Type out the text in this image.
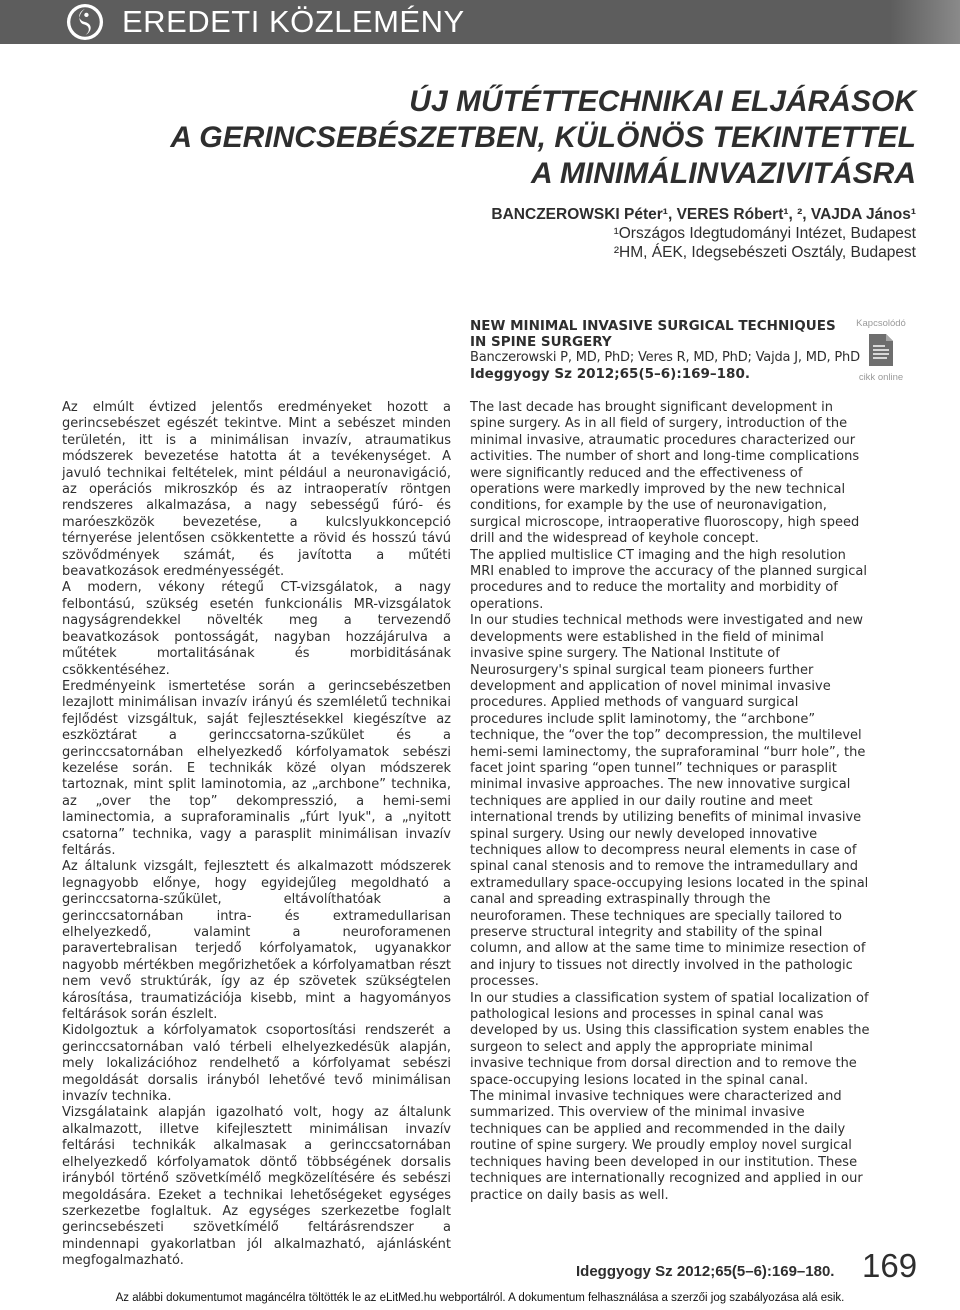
EREDETI KÖZLEMÉNY
ÚJ MŰTÉTTECHNIKAI ELJÁRÁSOK
A GERINCSEBÉSZETBEN, KÜLÖNÖS TEKINTETTEL
A MINIMÁLINVAZIVITÁSRA
BANCZEROWSKI Péter¹, VERES Róbert¹, ², VAJDA János¹
¹Országos Idegtudományi Intézet, Budapest
²HM, ÁEK, Idegsebészeti Osztály, Budapest
NEW MINIMAL INVASIVE SURGICAL TECHNIQUES IN SPINE SURGERY
Banczerowski P, MD, PhD; Veres R, MD, PhD; Vajda J, MD, PhD
Ideggyogy Sz 2012;65(5–6):169–180.
Kapcsolódó
cikk online

Az elmúlt évtized jelentős eredményeket hozott a gerincsebészet egészét tekintve. Mint a sebészet minden területén, itt is a minimálisan invazív, atraumatikus módszerek bevezetése hatotta át a tevékenységet. A javuló technikai feltételek, mint például a neuronavigáció, az operációs mikroszkóp és az intraoperatív röntgen rendszeres alkalmazása, a nagy sebességű fúró- és maróeszközök bevezetése, a kulcslyukkoncepció térnyerése jelentősen csökkentette a rövid és hosszú távú szövődmények számát, és javította a műtéti beavatkozások eredményességét.

A modern, vékony rétegű CT-vizsgálatok, a nagy felbontású, szükség esetén funkcionális MR-vizsgálatok nagyságrendekkel növelték meg a tervezendő beavatkozások pontosságát, nagyban hozzájárulva a műtétek mortalitásának és morbiditásának csökkentéséhez.

Eredményeink ismertetése során a gerincsebészetben lezajlott minimálisan invazív irányú és szemléletű technikai fejlődést vizsgáltuk, saját fejlesztésekkel kiegészítve az eszköztárat a gerinccsatorna-szűkület és a gerinccsatornában elhelyezkedő kórfolyamatok sebészi kezelése során. E technikák közé olyan módszerek tartoznak, mint split laminotomia, az „archbone” technika, az „over the top” dekompresszió, a hemi-semi laminectomia, a supraforaminalis „fúrt lyuk", a „nyitott csatorna” technika, vagy a parasplit minimálisan invazív feltárás.

Az általunk vizsgált, fejlesztett és alkalmazott módszerek legnagyobb előnye, hogy egyidejűleg megoldható a gerinccsatorna-szűkület, eltávolíthatóak a gerinccsatornában intra- és extramedullarisan elhelyezkedő, valamint a neuroforamenen paravertebralisan terjedő kórfolyamatok, ugyanakkor nagyobb mértékben megőrizhetőek a kórfolyamatban részt nem vevő struktúrák, így az ép szövetek szükségtelen károsítása, traumatizációja kisebb, mint a hagyományos feltárások során észlelt.

Kidolgoztuk a kórfolyamatok csoportosítási rendszerét a gerinccsatornában való térbeli elhelyezkedésük alapján, mely lokalizációhoz rendelhető a kórfolyamat sebészi megoldását dorsalis irányból lehetővé tevő minimálisan invazív technika.

Vizsgálataink alapján igazolható volt, hogy az általunk alkalmazott, illetve kifejlesztett minimálisan invazív feltárási technikák alkalmasak a gerinccsatornában elhelyezkedő kórfolyamatok döntő többségének dorsalis irányból történő szövetkímélő megközelítésére és sebészi megoldására. Ezeket a technikai lehetőségeket egységes szerkezetbe foglaltuk. Az egységes szerkezetbe foglalt gerincsebészeti szövetkímélő feltárásrendszer a mindennapi gyakorlatban jól alkalmazható, ajánlásként megfogalmazható.

The last decade has brought significant development in spine surgery. As in all field of surgery, introduction of the minimal invasive, atraumatic procedures characterized our activities. The number of short and long-time complications were significantly reduced and the effectiveness of operations were markedly improved by the new technical conditions, for example by the use of neuronavigation, surgical microscope, intraoperative fluoroscopy, high speed drill and the widespread of keyhole concept.

The applied multislice CT imaging and the high resolution MRI enabled to improve the accuracy of the planned surgical procedures and to reduce the mortality and morbidity of operations.

In our studies technical methods were investigated and new developments were established in the field of minimal invasive spine surgery. The National Institute of Neurosurgery's spinal surgical team pioneers further development and application of novel minimal invasive procedures. Applied methods of vanguard surgical procedures include split laminotomy, the “archbone” technique, the “over the top” decompression, the multilevel hemi-semi laminectomy, the supraforaminal “burr hole”, the facet joint sparing “open tunnel” techniques or parasplit minimal invasive approaches. The new innovative surgical techniques are applied in our daily routine and meet international trends by utilizing benefits of minimal invasive spinal surgery. Using our newly developed innovative techniques allow to decompress neural elements in case of spinal canal stenosis and to remove the intramedullary and extramedullary space-occupying lesions located in the spinal canal and spreading extraspinally through the neuroforamen. These techniques are specially tailored to preserve structural integrity and stability of the spinal column, and allow at the same time to minimize resection of and injury to tissues not directly involved in the pathologic processes.

In our studies a classification system of spatial localization of pathological lesions and processes in spinal canal was developed by us. Using this classification system enables the surgeon to select and apply the appropriate minimal invasive technique from dorsal direction and to remove the space-occupying lesions located in the spinal canal.

The minimal invasive techniques were characterized and summarized. This overview of the minimal invasive techniques can be applied and recommended in the daily routine of spine surgery. We proudly employ novel surgical techniques having been developed in our institution. These techniques are internationally recognized and applied in our practice on daily basis as well.

Ideggyogy Sz 2012;65(5–6):169–180. 169
Az alábbi dokumentumot magáncélra töltötték le az eLitMed.hu webportálról. A dokumentum felhasználása a szerzői jog szabályozása alá esik.
